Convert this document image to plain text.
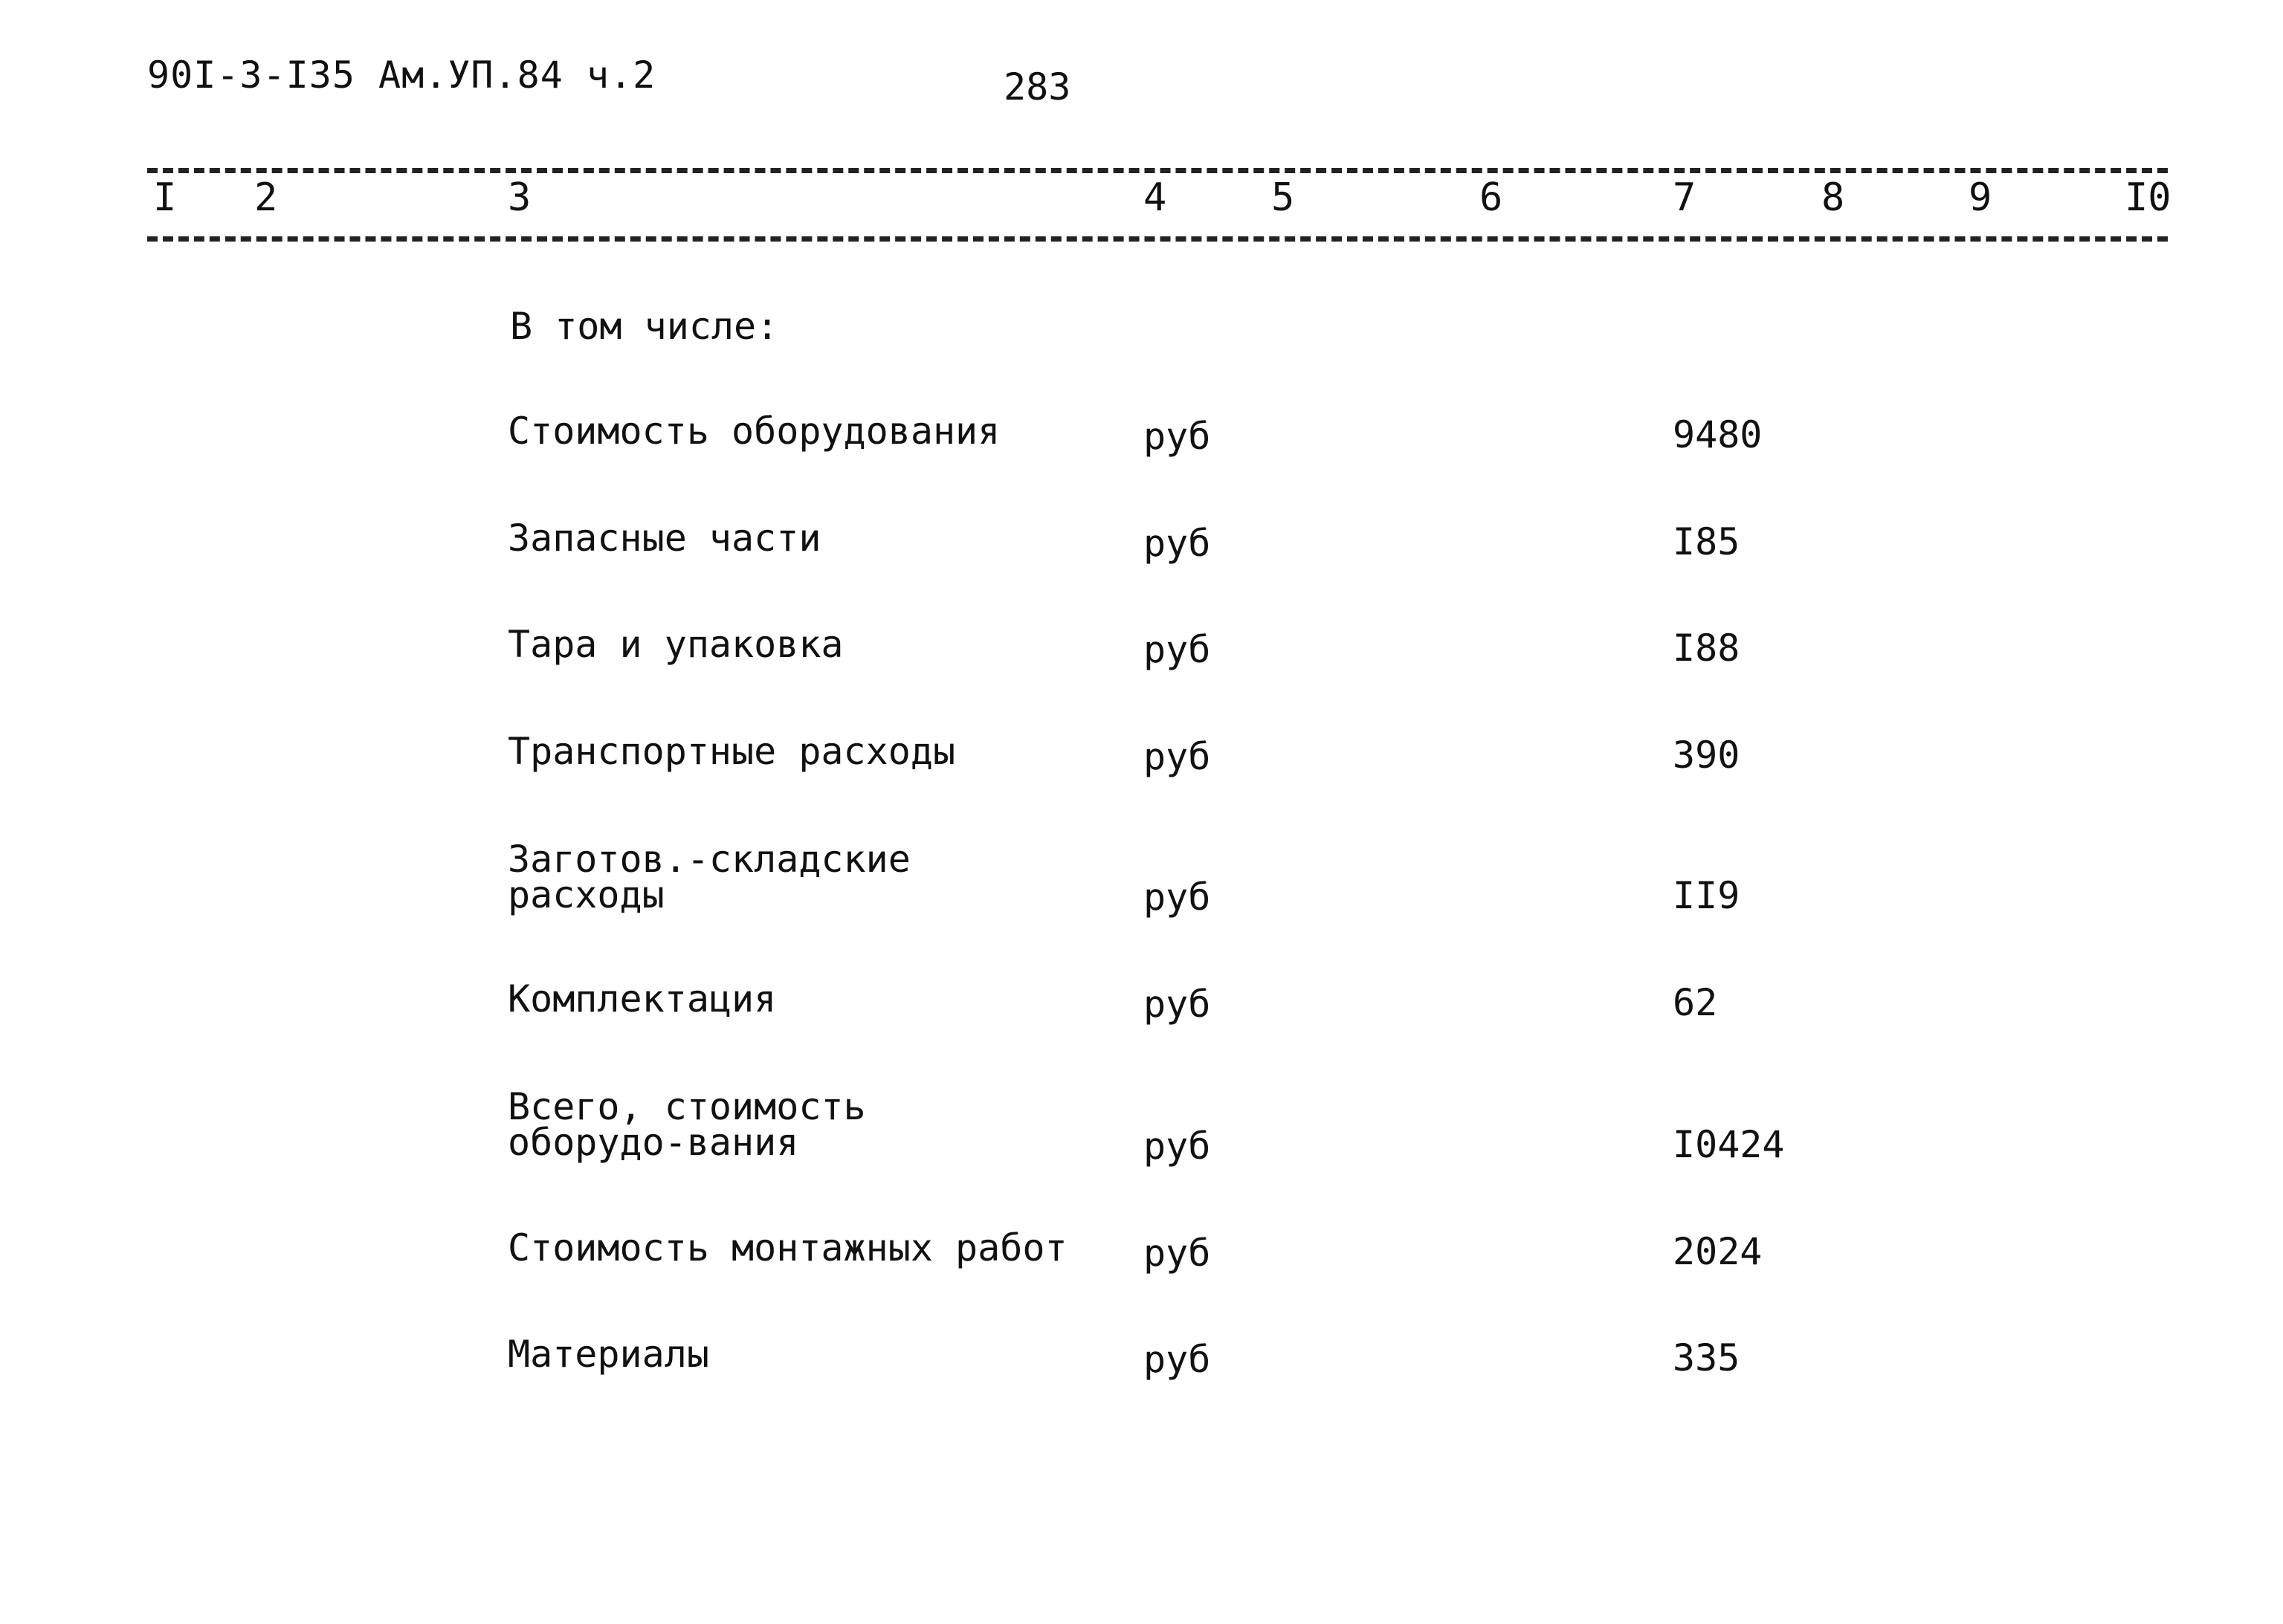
90I-3-I35 Ам.УП.84 ч.2	283
I 2	3	4	5	6	7	8	9	I0
В том числе:
Стоимость оборудования	руб	9480
Запасные части	руб	I85
Тара и упаковка	руб	I88
Транспортные расходы	руб	390
Заготов.-складские расходы	руб	II9
Комплектация	руб	62
Всего, стоимость оборудо-вания	руб	I0424
Стоимость монтажных работ руб	2024
Материалы	руб	335
